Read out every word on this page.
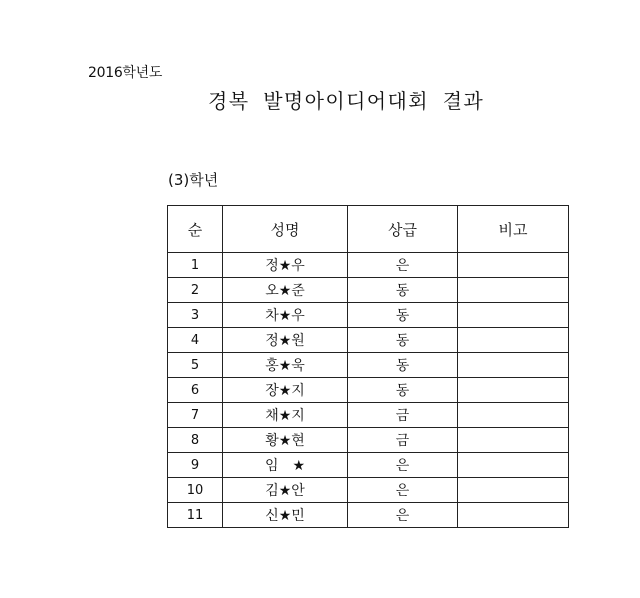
2016학년도
경복 발명아이디어대회 결과
(3)학년
순	성명	상급	비고
1	정★우	은	
2	오★준	동	
3	차★우	동	
4	정★원	동	
5	홍★욱	동	
6	장★지	동	
7	채★지	금	
8	황★현	금	
9	임　★	은	
10	김★안	은	
11	신★민	은	
